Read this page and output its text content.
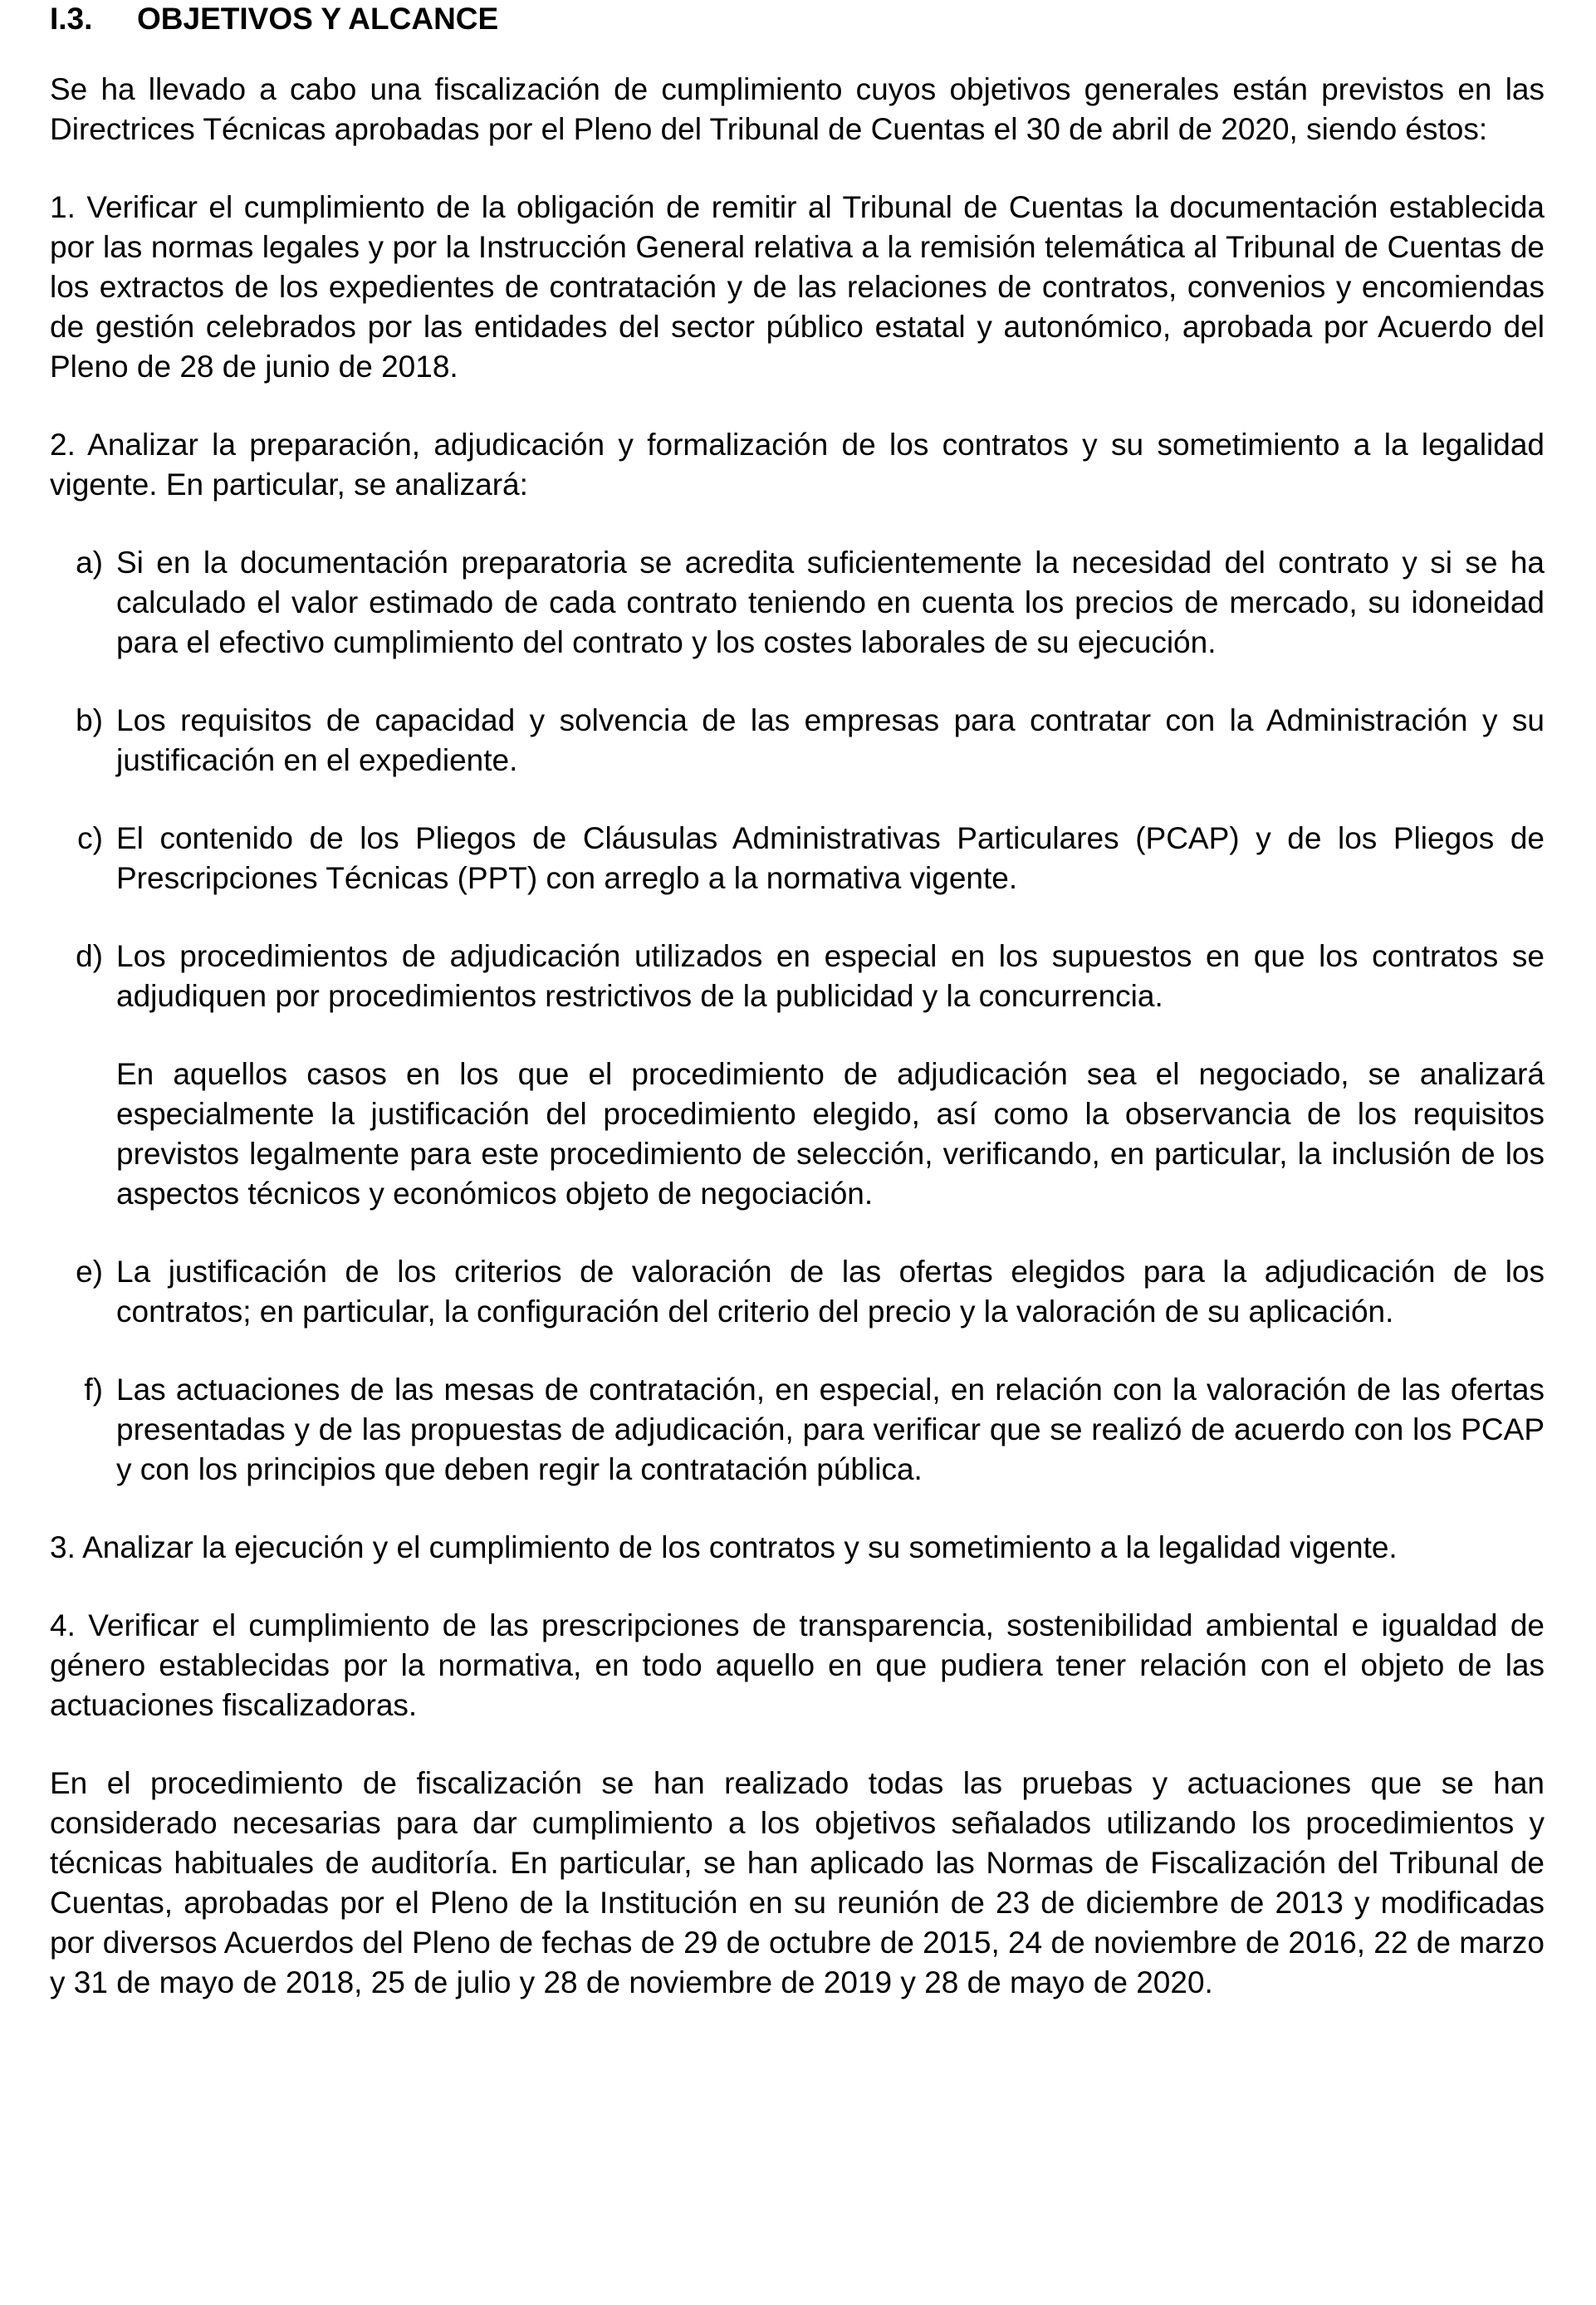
I.3. OBJETIVOS Y ALCANCE

Se ha llevado a cabo una fiscalización de cumplimiento cuyos objetivos generales están previstos en las Directrices Técnicas aprobadas por el Pleno del Tribunal de Cuentas el 30 de abril de 2020, siendo éstos:

1. Verificar el cumplimiento de la obligación de remitir al Tribunal de Cuentas la documentación establecida por las normas legales y por la Instrucción General relativa a la remisión telemática al Tribunal de Cuentas de los extractos de los expedientes de contratación y de las relaciones de contratos, convenios y encomiendas de gestión celebrados por las entidades del sector público estatal y autonómico, aprobada por Acuerdo del Pleno de 28 de junio de 2018.

2. Analizar la preparación, adjudicación y formalización de los contratos y su sometimiento a la legalidad vigente. En particular, se analizará:

a) Si en la documentación preparatoria se acredita suficientemente la necesidad del contrato y si se ha calculado el valor estimado de cada contrato teniendo en cuenta los precios de mercado, su idoneidad para el efectivo cumplimiento del contrato y los costes laborales de su ejecución.

b) Los requisitos de capacidad y solvencia de las empresas para contratar con la Administración y su justificación en el expediente.

c) El contenido de los Pliegos de Cláusulas Administrativas Particulares (PCAP) y de los Pliegos de Prescripciones Técnicas (PPT) con arreglo a la normativa vigente.

d) Los procedimientos de adjudicación utilizados en especial en los supuestos en que los contratos se adjudiquen por procedimientos restrictivos de la publicidad y la concurrencia.

En aquellos casos en los que el procedimiento de adjudicación sea el negociado, se analizará especialmente la justificación del procedimiento elegido, así como la observancia de los requisitos previstos legalmente para este procedimiento de selección, verificando, en particular, la inclusión de los aspectos técnicos y económicos objeto de negociación.

e) La justificación de los criterios de valoración de las ofertas elegidos para la adjudicación de los contratos; en particular, la configuración del criterio del precio y la valoración de su aplicación.

f) Las actuaciones de las mesas de contratación, en especial, en relación con la valoración de las ofertas presentadas y de las propuestas de adjudicación, para verificar que se realizó de acuerdo con los PCAP y con los principios que deben regir la contratación pública.

3. Analizar la ejecución y el cumplimiento de los contratos y su sometimiento a la legalidad vigente.

4. Verificar el cumplimiento de las prescripciones de transparencia, sostenibilidad ambiental e igualdad de género establecidas por la normativa, en todo aquello en que pudiera tener relación con el objeto de las actuaciones fiscalizadoras.

En el procedimiento de fiscalización se han realizado todas las pruebas y actuaciones que se han considerado necesarias para dar cumplimiento a los objetivos señalados utilizando los procedimientos y técnicas habituales de auditoría. En particular, se han aplicado las Normas de Fiscalización del Tribunal de Cuentas, aprobadas por el Pleno de la Institución en su reunión de 23 de diciembre de 2013 y modificadas por diversos Acuerdos del Pleno de fechas de 29 de octubre de 2015, 24 de noviembre de 2016, 22 de marzo y 31 de mayo de 2018, 25 de julio y 28 de noviembre de 2019 y 28 de mayo de 2020.
